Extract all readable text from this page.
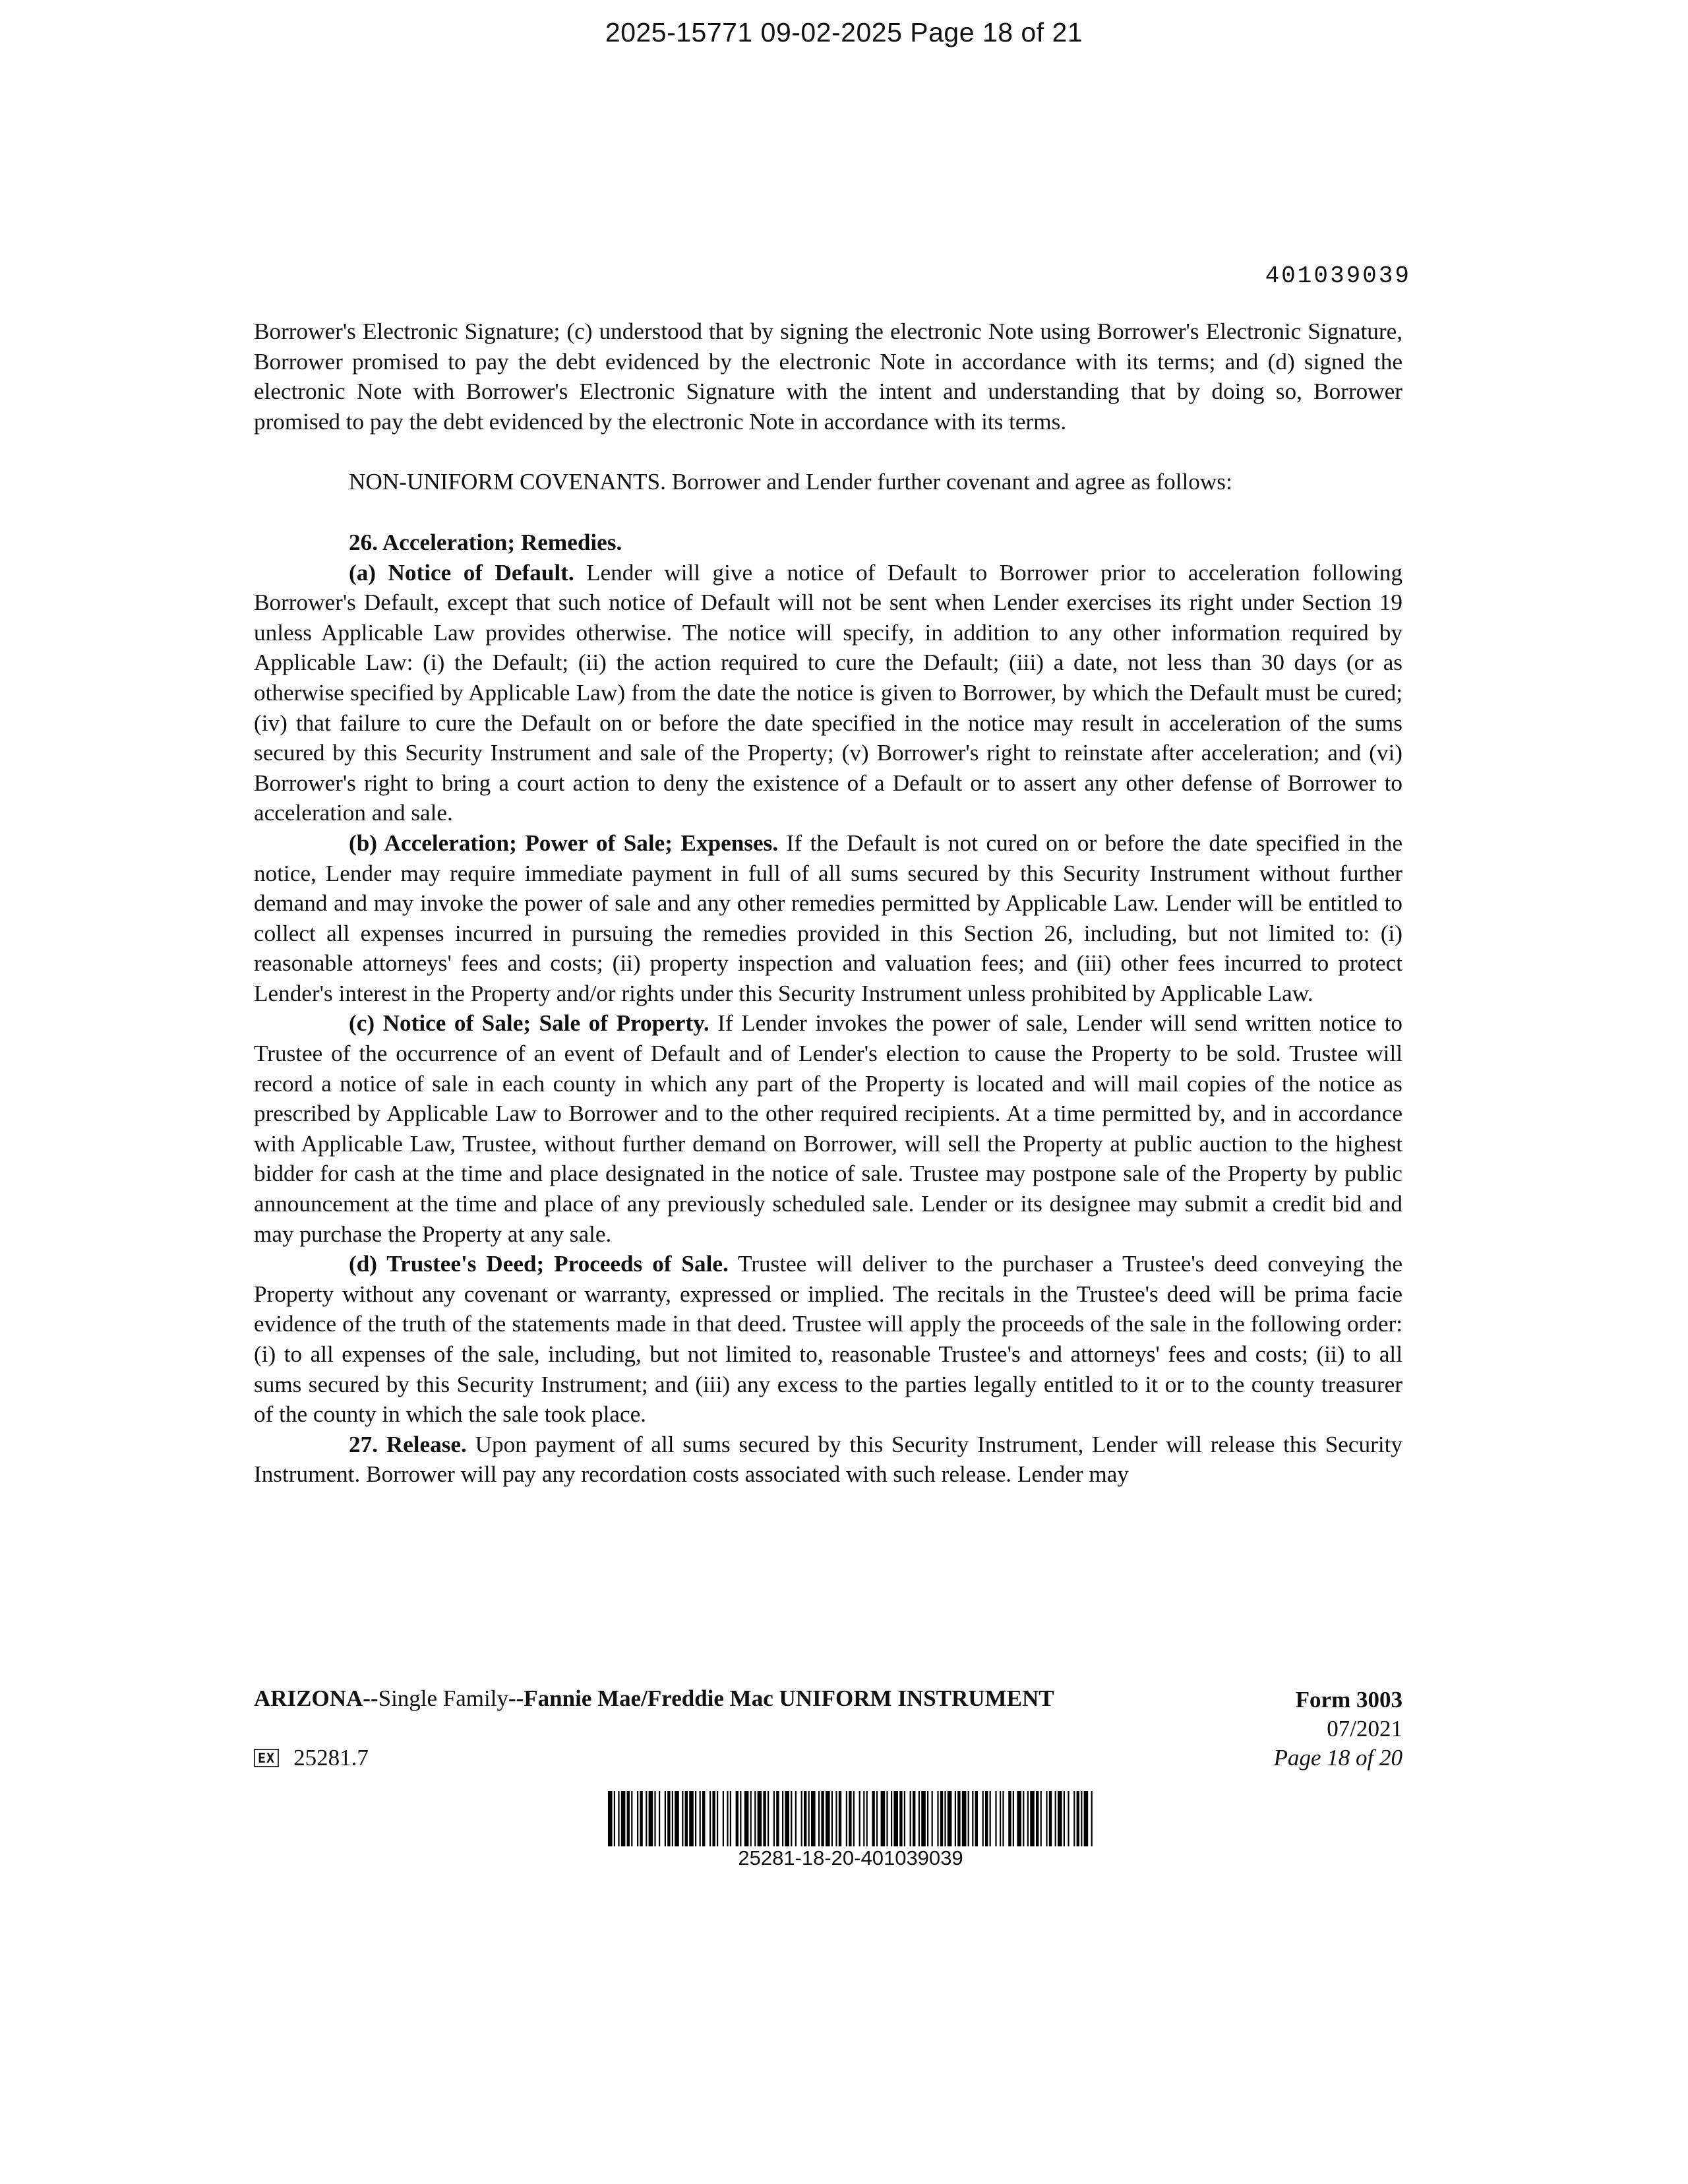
2025-15771 09-02-2025 Page 18 of 21
401039039

Borrower's Electronic Signature; (c) understood that by signing the electronic Note using Borrower's Electronic Signature, Borrower promised to pay the debt evidenced by the electronic Note in accordance with its terms; and (d) signed the electronic Note with Borrower's Electronic Signature with the intent and understanding that by doing so, Borrower promised to pay the debt evidenced by the electronic Note in accordance with its terms.

NON-UNIFORM COVENANTS. Borrower and Lender further covenant and agree as follows:

26. Acceleration; Remedies.

(a) Notice of Default. Lender will give a notice of Default to Borrower prior to acceleration following Borrower's Default, except that such notice of Default will not be sent when Lender exercises its right under Section 19 unless Applicable Law provides otherwise. The notice will specify, in addition to any other information required by Applicable Law: (i) the Default; (ii) the action required to cure the Default; (iii) a date, not less than 30 days (or as otherwise specified by Applicable Law) from the date the notice is given to Borrower, by which the Default must be cured; (iv) that failure to cure the Default on or before the date specified in the notice may result in acceleration of the sums secured by this Security Instrument and sale of the Property; (v) Borrower's right to reinstate after acceleration; and (vi) Borrower's right to bring a court action to deny the existence of a Default or to assert any other defense of Borrower to acceleration and sale.

(b) Acceleration; Power of Sale; Expenses. If the Default is not cured on or before the date specified in the notice, Lender may require immediate payment in full of all sums secured by this Security Instrument without further demand and may invoke the power of sale and any other remedies permitted by Applicable Law. Lender will be entitled to collect all expenses incurred in pursuing the remedies provided in this Section 26, including, but not limited to: (i) reasonable attorneys' fees and costs; (ii) property inspection and valuation fees; and (iii) other fees incurred to protect Lender's interest in the Property and/or rights under this Security Instrument unless prohibited by Applicable Law.

(c) Notice of Sale; Sale of Property. If Lender invokes the power of sale, Lender will send written notice to Trustee of the occurrence of an event of Default and of Lender's election to cause the Property to be sold. Trustee will record a notice of sale in each county in which any part of the Property is located and will mail copies of the notice as prescribed by Applicable Law to Borrower and to the other required recipients. At a time permitted by, and in accordance with Applicable Law, Trustee, without further demand on Borrower, will sell the Property at public auction to the highest bidder for cash at the time and place designated in the notice of sale. Trustee may postpone sale of the Property by public announcement at the time and place of any previously scheduled sale. Lender or its designee may submit a credit bid and may purchase the Property at any sale.

(d) Trustee's Deed; Proceeds of Sale. Trustee will deliver to the purchaser a Trustee's deed conveying the Property without any covenant or warranty, expressed or implied. The recitals in the Trustee's deed will be prima facie evidence of the truth of the statements made in that deed. Trustee will apply the proceeds of the sale in the following order: (i) to all expenses of the sale, including, but not limited to, reasonable Trustee's and attorneys' fees and costs; (ii) to all sums secured by this Security Instrument; and (iii) any excess to the parties legally entitled to it or to the county treasurer of the county in which the sale took place.

27. Release. Upon payment of all sums secured by this Security Instrument, Lender will release this Security Instrument. Borrower will pay any recordation costs associated with such release. Lender may

ARIZONA--Single Family--Fannie Mae/Freddie Mac UNIFORM INSTRUMENT	Form 3003
07/2021
Page 18 of 20
EX 25281.7
25281-18-20-401039039
